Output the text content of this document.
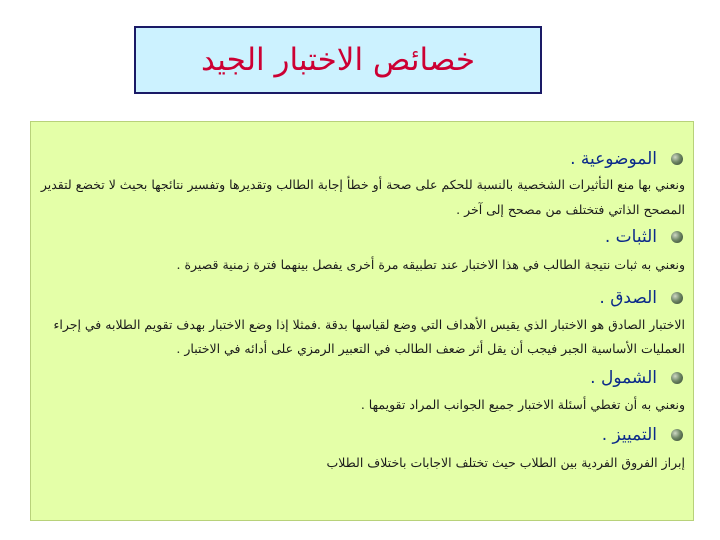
خصائص الاختبار الجيد
الموضوعية .
ونعني بها منع التأثيرات الشخصية بالنسبة للحكم على صحة أو خطأ إجابة الطالب وتقديرها وتفسير نتائجها بحيث لا تخضع لتقدير
المصحح الذاتي فتختلف من مصحح إلى آخر .
الثبات .
ونعني به ثبات نتيجة الطالب في هذا الاختبار عند تطبيقه مرة أخرى يفصل بينهما فترة زمنية قصيرة .
الصدق .
الاختبار الصادق هو الاختبار الذي يقيس الأهداف التي وضع لقياسها بدقة .فمثلا إذا وضع الاختبار بهدف تقويم الطلابه في إجراء
العمليات الأساسية الجبر فيجب أن يقل أثر ضعف الطالب في التعبير الرمزي على أدائه في الاختبار .
الشمول .
ونعني به أن تغطي أسئلة الاختبار جميع الجوانب المراد تقويمها .
التمييز .
إبراز الفروق الفردية بين الطلاب حيث تختلف الاجابات باختلاف الطلاب
